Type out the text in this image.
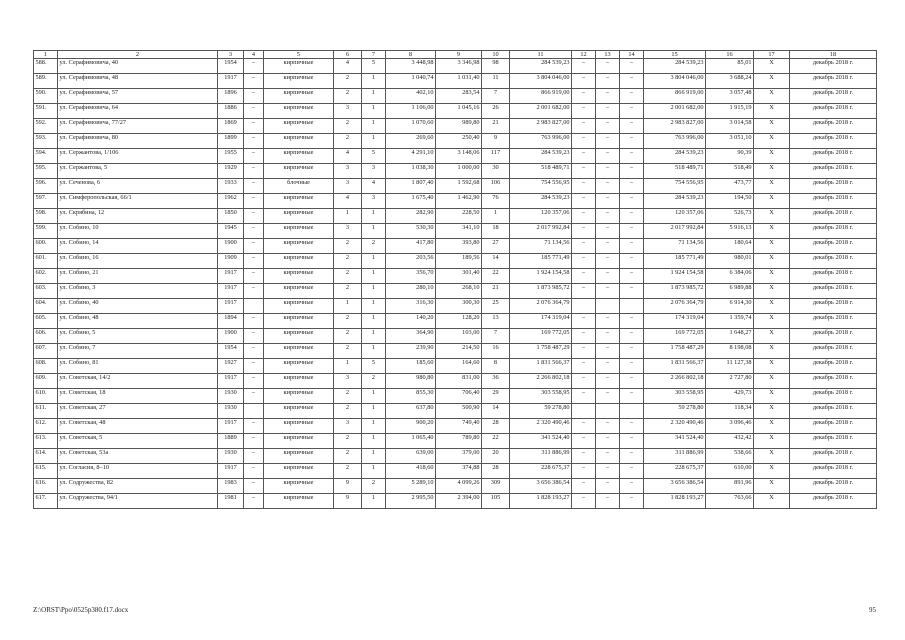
1	2	3	4	5	6	7	8	9	10	11	12	13	14	15	16	17	18
588.	ул. Серафимовича, 40	1954	–	кирпичные	4	5	3 448,98	3 346,98	98	284 539,23	–	–	–	284 539,23	85,01	X	декабрь 2018 г.
589.	ул. Серафимовича, 48	1917	–	кирпичные	2	1	1 040,74	1 031,40	11	3 804 046,00	–	–	–	3 804 046,00	3 688,24	X	декабрь 2018 г.
590.	ул. Серафимовича, 57	1896	–	кирпичные	2	1	402,10	283,54	7	866 919,00	–	–	–	866 919,00	3 057,48	X	декабрь 2018 г.
591.	ул. Серафимовича, 64	1886	–	кирпичные	3	1	1 106,00	1 045,16	26	2 001 682,00	–	–	–	2 001 682,00	1 915,19	X	декабрь 2018 г.
592.	ул. Серафимовича, 77/27	1869	–	кирпичные	2	1	1 070,60	989,80	21	2 983 827,00	–	–	–	2 983 827,00	3 014,58	X	декабрь 2018 г.
593.	ул. Серафимовича, 80	1899	–	кирпичные	2	1	269,60	250,40	9	763 996,00	–	–	–	763 996,00	3 051,10	X	декабрь 2018 г.
594.	ул. Сержантова, 1/106	1955	–	кирпичные	4	5	4 291,10	3 148,06	117	284 539,23	–	–	–	284 539,23	90,39	X	декабрь 2018 г.
595.	ул. Сержантова, 5	1929	–	кирпичные	3	3	1 038,30	1 000,00	30	518 489,71	–	–	–	518 489,71	518,49	X	декабрь 2018 г.
596.	ул. Сеченова, 6	1933	–	блочные	3	4	1 807,40	1 592,68	106	754 556,95	–	–	–	754 556,95	473,77	X	декабрь 2018 г.
597.	ул. Симферопольская, 66/1	1962	–	кирпичные	4	3	1 675,40	1 462,90	76	284 539,23	–	–	–	284 539,23	194,50	X	декабрь 2018 г.
598.	ул. Скрябина, 12	1850	–	кирпичные	1	1	282,90	228,50	1	120 357,06	–	–	–	120 357,06	526,73	X	декабрь 2018 г.
599.	ул. Собино, 10	1945	–	кирпичные	3	1	530,30	341,10	18	2 017 992,84	–	–	–	2 017 992,84	5 916,13	X	декабрь 2018 г.
600.	ул. Собино, 14	1900	–	кирпичные	2	2	417,80	393,80	27	71 134,56	–	–	–	71 134,56	180,64	X	декабрь 2018 г.
601.	ул. Собино, 16	1909	–	кирпичные	2	1	203,56	189,56	14	185 771,49	–	–	–	185 771,49	980,01	X	декабрь 2018 г.
602.	ул. Собино, 21	1917	–	кирпичные	2	1	356,70	301,40	22	1 924 154,58	–	–	–	1 924 154,58	6 384,06	X	декабрь 2018 г.
603.	ул. Собино, 3	1917	–	кирпичные	2	1	280,10	268,10	21	1 873 985,72	–	–	–	1 873 985,72	6 989,88	X	декабрь 2018 г.
604.	ул. Собино, 40	1917		кирпичные	1	1	316,30	300,30	25	2 076 364,79				2 076 364,79	6 914,30	X	декабрь 2018 г.
605.	ул. Собино, 48	1894	–	кирпичные	2	1	140,20	128,20	13	174 319,04	–	–	–	174 319,04	1 359,74	X	декабрь 2018 г.
606.	ул. Собино, 5	1900	–	кирпичные	2	1	364,90	103,00	7	169 772,05	–	–	–	169 772,05	1 648,27	X	декабрь 2018 г.
607.	ул. Собино, 7	1954	–	кирпичные	2	1	239,90	214,50	16	1 758 487,29	–	–	–	1 758 487,29	8 198,08	X	декабрь 2018 г.
608.	ул. Собино, 81	1927	–	кирпичные	1	5	185,60	164,60	8	1 831 566,37	–	–	–	1 831 566,37	11 127,38	X	декабрь 2018 г.
609.	ул. Советская, 14/2	1917	–	кирпичные	3	2	980,80	831,00	36	2 266 802,18	–	–	–	2 266 802,18	2 727,80	X	декабрь 2018 г.
610.	ул. Советская, 18	1930	–	кирпичные	2	1	855,30	706,40	29	303 558,95	–	–	–	303 558,95	429,73	X	декабрь 2018 г.
611.	ул. Советская, 27	1930		кирпичные	2	1	637,80	500,90	14	59 278,80				59 278,80	118,34	X	декабрь 2018 г.
612.	ул. Советская, 48	1917	–	кирпичные	3	1	900,20	749,40	28	2 320 490,46	–	–	–	2 320 490,46	3 096,46	X	декабрь 2018 г.
613.	ул. Советская, 5	1889	–	кирпичные	2	1	1 065,40	789,80	22	341 524,40	–	–	–	341 524,40	432,42	X	декабрь 2018 г.
614.	ул. Советская, 53а	1930	–	кирпичные	2	1	639,00	379,00	20	311 886,99	–	–	–	311 886,99	538,66	X	декабрь 2018 г.
615.	ул. Согласия, 8–10	1917	–	кирпичные	2	1	418,60	374,88	28	228 675,37	–	–	–	228 675,37	610,00	X	декабрь 2018 г.
616.	ул. Содружества, 82	1983	–	кирпичные	9	2	5 289,10	4 099,26	309	3 656 386,54	–	–	–	3 656 386,54	891,96	X	декабрь 2018 г.
617.	ул. Содружества, 94/1	1981	–	кирпичные	9	1	2 995,50	2 394,00	105	1 828 193,27	–	–	–	1 828 193,27	763,66	X	декабрь 2018 г.
Z:\ORST\Ppo\0525p380.f17.docx	95
